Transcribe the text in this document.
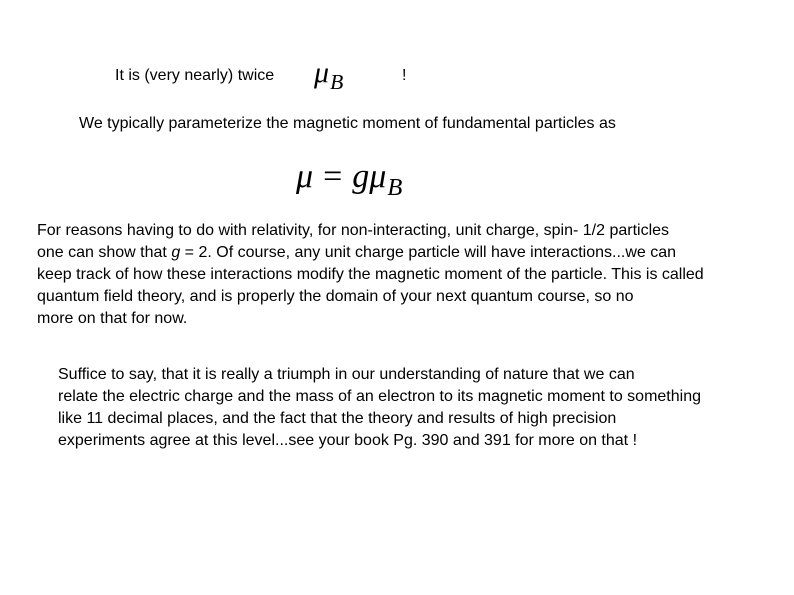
It is (very nearly) twice $\mu_B$	!

We typically parameterize the magnetic moment of fundamental particles as

$\mu = g\mu_B$
For reasons having to do with relativity, for non-interacting, unit charge, spin- 1/2 particles
one can show that g = 2. Of course, any unit charge particle will have interactions...we can
keep track of how these interactions modify the magnetic moment of the particle. This is called
quantum field theory, and is properly the domain of your next quantum course, so no
more on that for now.
Suffice to say, that it is really a triumph in our understanding of nature that we can
relate the electric charge and the mass of an electron to its magnetic moment to something
like 11 decimal places, and the fact that the theory and results of high precision
experiments agree at this level...see your book Pg. 390 and 391 for more on that !
